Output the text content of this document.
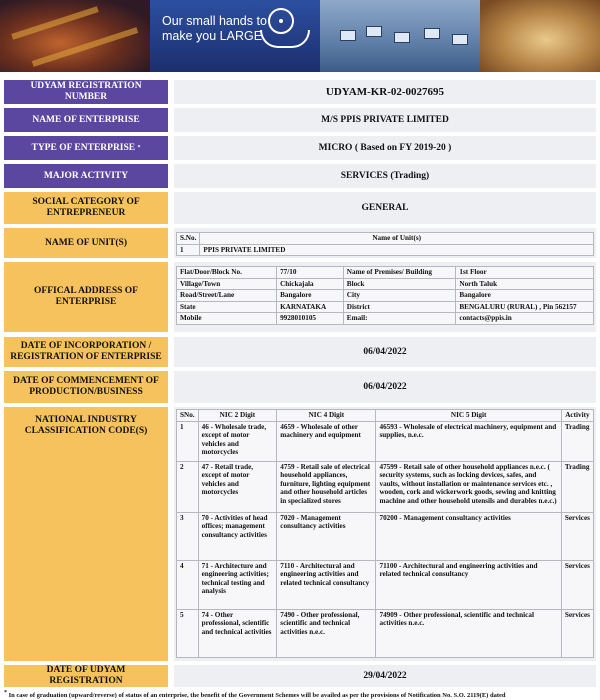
Our small hands to
make you LARGE
UDYAM REGISTRATION NUMBER	UDYAM-KR-02-0027695
NAME OF ENTERPRISE	M/S PPIS PRIVATE LIMITED
TYPE OF ENTERPRISE
*	MICRO ( Based on FY 2019-20 )
MAJOR ACTIVITY	SERVICES (Trading)
SOCIAL CATEGORY OF ENTREPRENEUR	GENERAL
NAME OF UNIT(S)	S.No.	Name of Unit(s)
1	PPIS PRIVATE LIMITED
OFFICAL ADDRESS OF ENTERPRISE
Flat/Door/Block No.	77/10	Name of Premises/ Building	1st Floor
Village/Town	Chickajala	Block	North Taluk
Road/Street/Lane	Bangalore	City	Bangalore
State	KARNATAKA	District	BENGALURU (RURAL) , Pin 562157
Mobile	9928010105	Email:	contacts@ppis.in
DATE OF INCORPORATION / REGISTRATION OF ENTERPRISE	06/04/2022
DATE OF COMMENCEMENT OF PRODUCTION/BUSINESS	06/04/2022
NATIONAL INDUSTRY CLASSIFICATION CODE(S)
SNo.	NIC 2 Digit	NIC 4 Digit	NIC 5 Digit	Activity
1	46 - Wholesale trade, except of motor vehicles and motorcycles	4659 - Wholesale of other machinery and equipment	46593 - Wholesale of electrical machinery, equipment and supplies, n.e.c.	Trading
2	47 - Retail trade, except of motor vehicles and motorcycles	4759 - Retail sale of electrical household appliances, furniture, lighting equipment and other household articles in specialized stores	47599 - Retail sale of other household appliances n.e.c. ( security systems, such as locking devices, safes, and vaults, without installation or maintenance services etc. , wooden, cork and wickerwork goods, sewing and knitting machine and other household utensils and durables n.e.c.)	Trading
3	70 - Activities of head offices; management consultancy activities	7020 - Management consultancy activities	70200 - Management consultancy activities	Services
4	71 - Architecture and engineering activities; technical testing and analysis	7110 - Architectural and engineering activities and related technical consultancy	71100 - Architectural and engineering activities and related technical consultancy	Services
5	74 - Other professional, scientific and technical activities	7490 - Other professional, scientific and technical activities n.e.c.	74909 - Other professional, scientific and technical activities n.e.c.	Services
DATE OF UDYAM REGISTRATION	29/04/2022
* In case of graduation (upward/reverse) of status of an enterprise, the benefit of the Government Schemes will be availed as per the provisions of Notification No. S.O. 2119(E) dated
